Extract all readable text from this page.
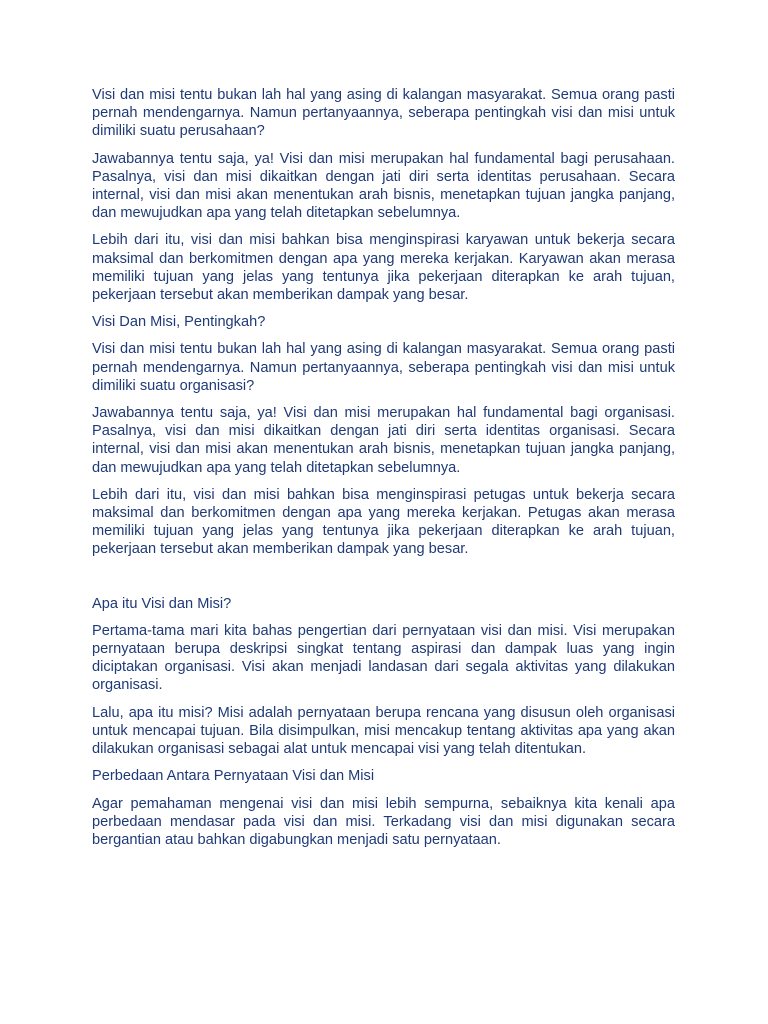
Visi dan misi tentu bukan lah hal yang asing di kalangan masyarakat. Semua orang pasti pernah mendengarnya. Namun pertanyaannya, seberapa pentingkah visi dan misi untuk dimiliki suatu perusahaan?

Jawabannya tentu saja, ya! Visi dan misi merupakan hal fundamental bagi perusahaan. Pasalnya, visi dan misi dikaitkan dengan jati diri serta identitas perusahaan. Secara internal, visi dan misi akan menentukan arah bisnis, menetapkan tujuan jangka panjang, dan mewujudkan apa yang telah ditetapkan sebelumnya.

Lebih dari itu, visi dan misi bahkan bisa menginspirasi karyawan untuk bekerja secara maksimal dan berkomitmen dengan apa yang mereka kerjakan. Karyawan akan merasa memiliki tujuan yang jelas yang tentunya jika pekerjaan diterapkan ke arah tujuan, pekerjaan tersebut akan memberikan dampak yang besar.

Visi Dan Misi, Pentingkah?

Visi dan misi tentu bukan lah hal yang asing di kalangan masyarakat. Semua orang pasti pernah mendengarnya. Namun pertanyaannya, seberapa pentingkah visi dan misi untuk dimiliki suatu organisasi?

Jawabannya tentu saja, ya! Visi dan misi merupakan hal fundamental bagi organisasi. Pasalnya, visi dan misi dikaitkan dengan jati diri serta identitas organisasi. Secara internal, visi dan misi akan menentukan arah bisnis, menetapkan tujuan jangka panjang, dan mewujudkan apa yang telah ditetapkan sebelumnya.

Lebih dari itu, visi dan misi bahkan bisa menginspirasi petugas untuk bekerja secara maksimal dan berkomitmen dengan apa yang mereka kerjakan. Petugas akan merasa memiliki tujuan yang jelas yang tentunya jika pekerjaan diterapkan ke arah tujuan, pekerjaan tersebut akan memberikan dampak yang besar.

Apa itu Visi dan Misi?

Pertama-tama mari kita bahas pengertian dari pernyataan visi dan misi. Visi merupakan pernyataan berupa deskripsi singkat tentang aspirasi dan dampak luas yang ingin diciptakan organisasi. Visi akan menjadi landasan dari segala aktivitas yang dilakukan organisasi.

Lalu, apa itu misi? Misi adalah pernyataan berupa rencana yang disusun oleh organisasi untuk mencapai tujuan. Bila disimpulkan, misi mencakup tentang aktivitas apa yang akan dilakukan organisasi sebagai alat untuk mencapai visi yang telah ditentukan.

Perbedaan Antara Pernyataan Visi dan Misi

Agar pemahaman mengenai visi dan misi lebih sempurna, sebaiknya kita kenali apa perbedaan mendasar pada visi dan misi. Terkadang visi dan misi digunakan secara bergantian atau bahkan digabungkan menjadi satu pernyataan.
